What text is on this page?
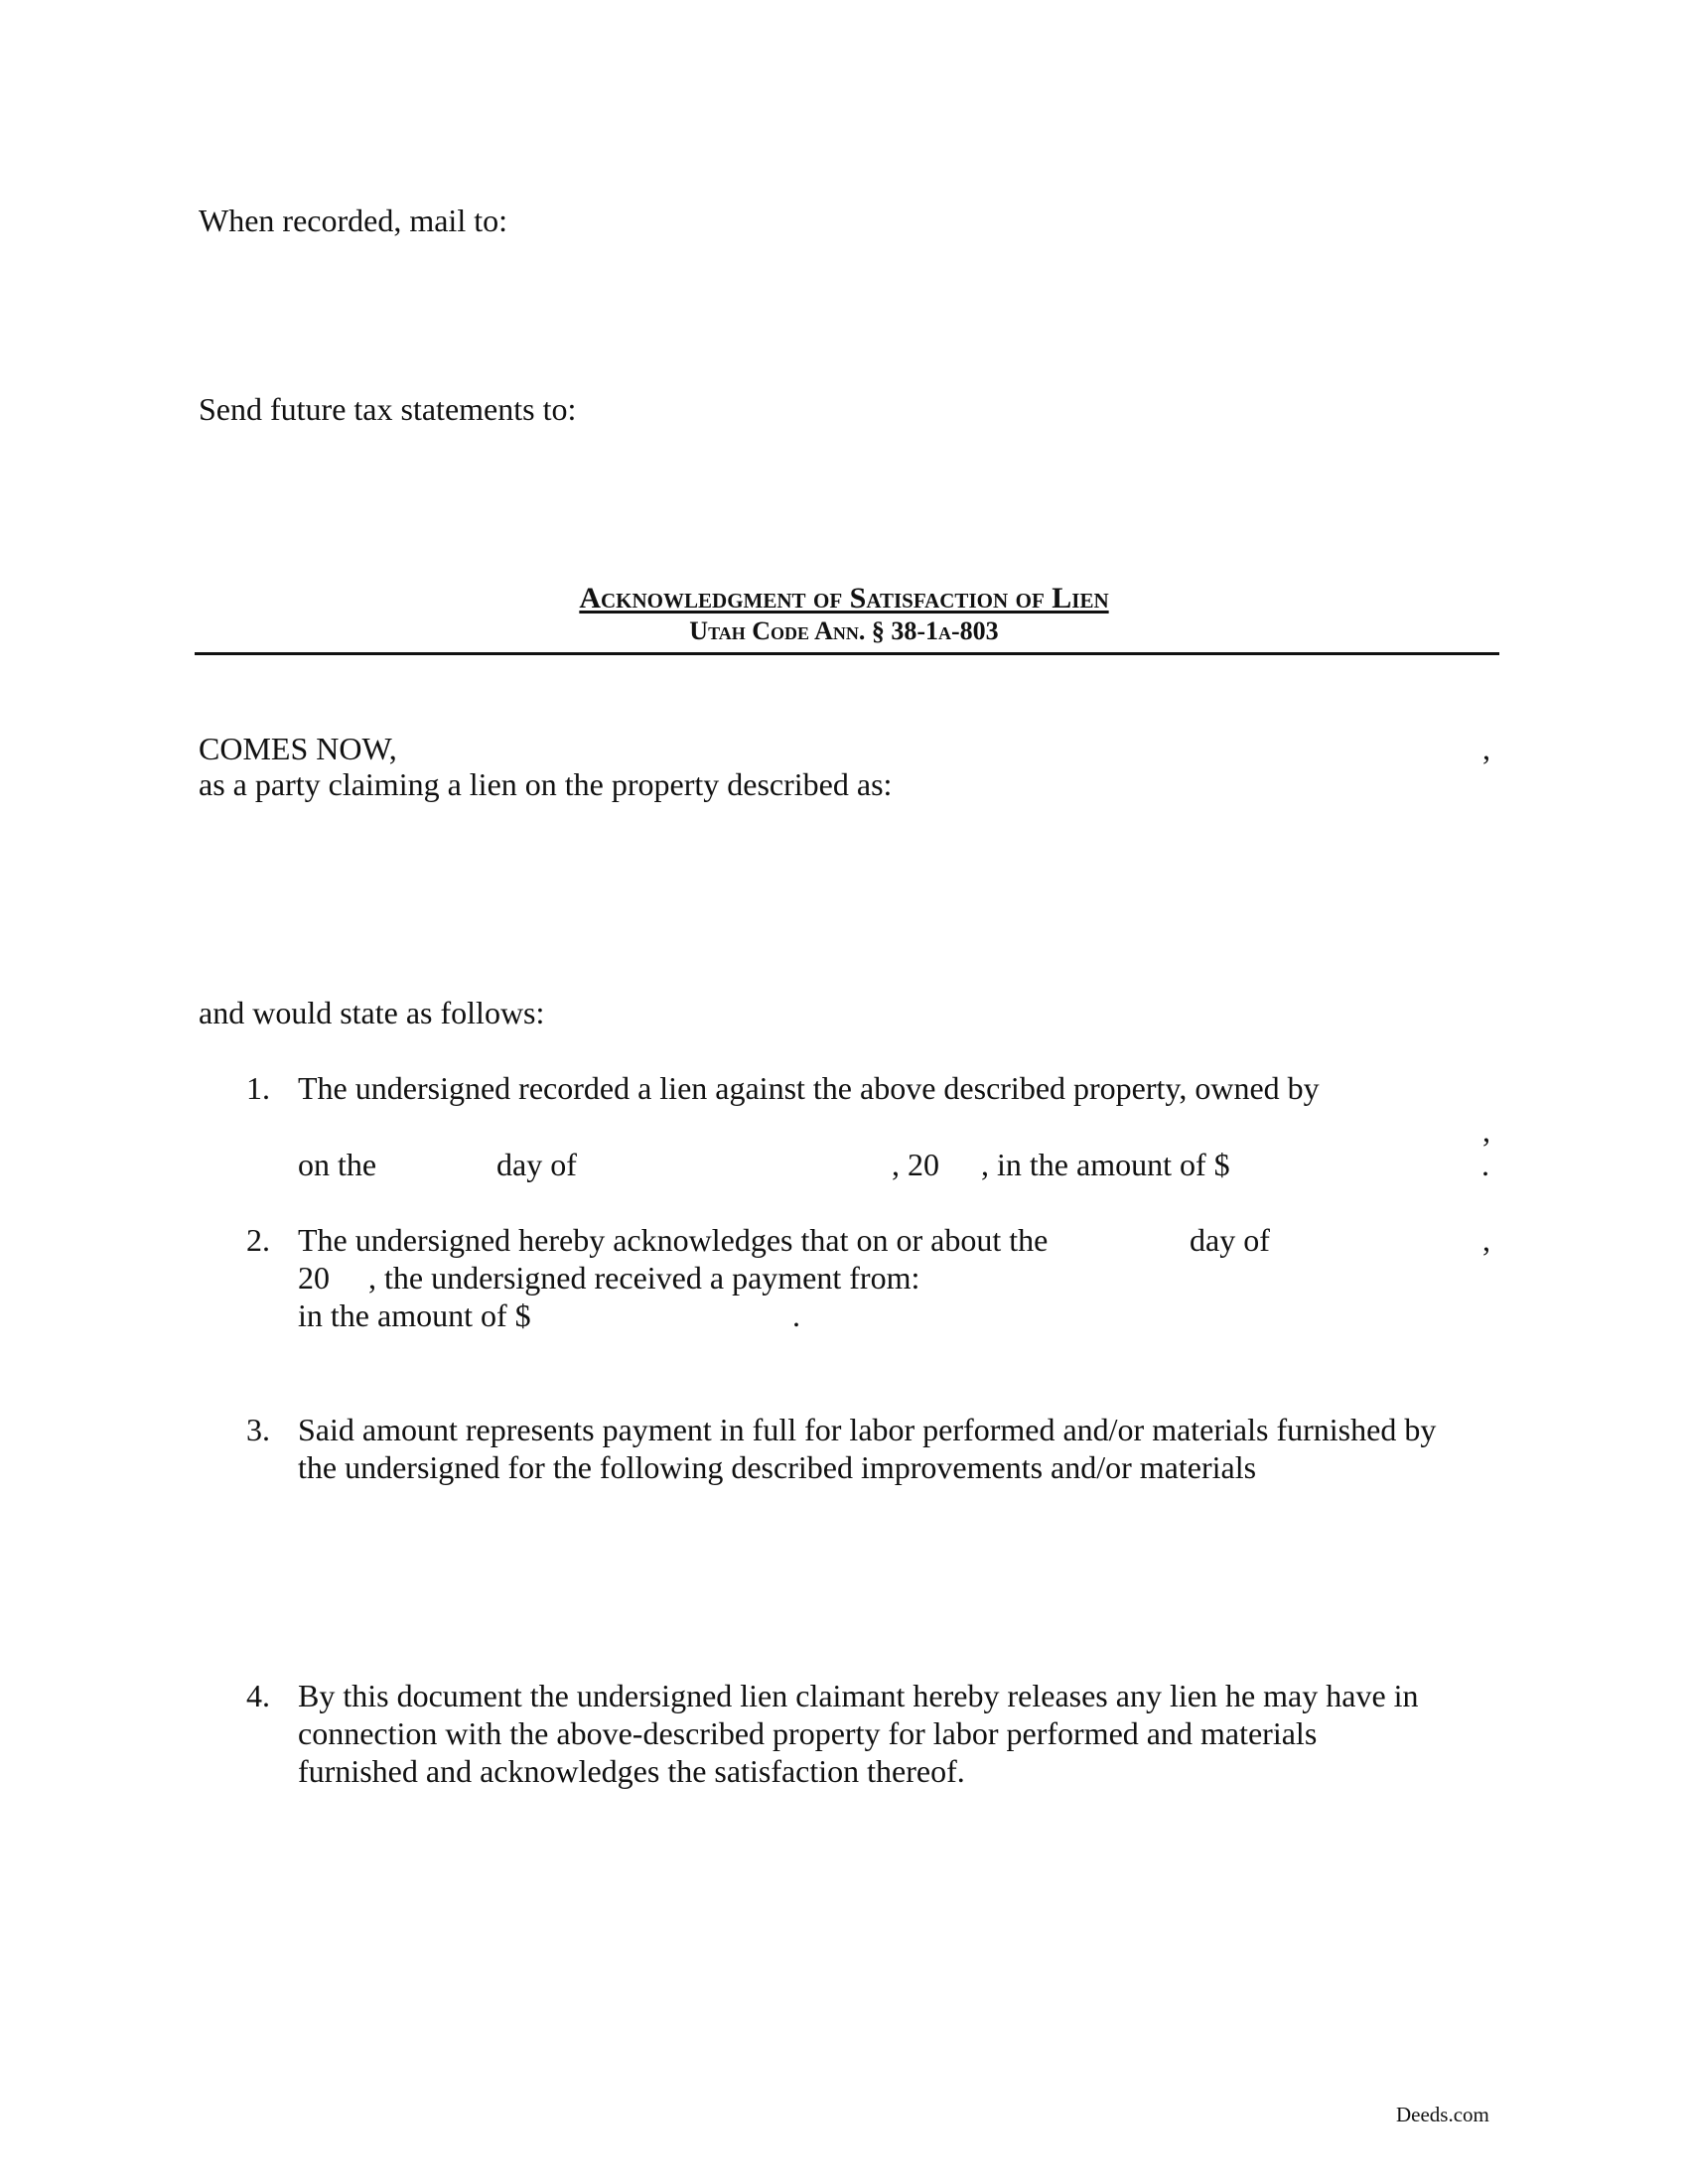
When recorded, mail to:
Send future tax statements to:
Acknowledgment of Satisfaction of Lien
Utah Code Ann. § 38-1a-803
COMES NOW,	,
as a party claiming a lien on the property described as:
and would state as follows:
1. The undersigned recorded a lien against the above described property, owned by
,
on the	day of	, 20 , in the amount of $	.
2. The undersigned hereby acknowledges that on or about the	day of	,
20 , the undersigned received a payment from:
in the amount of $	.
3. Said amount represents payment in full for labor performed and/or materials furnished by
the undersigned for the following described improvements and/or materials
4. By this document the undersigned lien claimant hereby releases any lien he may have in
connection with the above-described property for labor performed and materials
furnished and acknowledges the satisfaction thereof.
Deeds.com
